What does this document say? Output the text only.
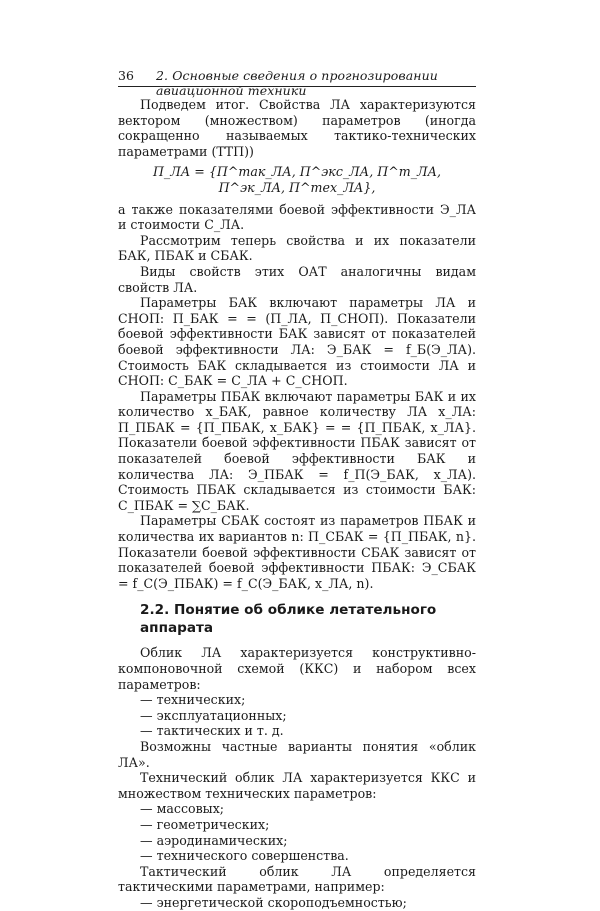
36 2. Основные сведения о прогнозировании авиационной техники

Подведем итог. Свойства ЛА характеризуются вектором (множеством) параметров (иногда сокращенно называемых тактико-технических параметрами (ТТП))

Π_ЛА = {Π^так_ЛА, Π^экс_ЛА, Π^т_ЛА, Π^эк_ЛА, Π^тех_ЛА},

а также показателями боевой эффективности Э_ЛА и стоимости С_ЛА.

Рассмотрим теперь свойства и их показатели БАК, ПБАК и СБАК.

Виды свойств этих ОАТ аналогичны видам свойств ЛА.

Параметры БАК включают параметры ЛА и СНОП: Π_БАК = = (Π_ЛА, Π_СНОП). Показатели боевой эффективности БАК зависят от показателей боевой эффективности ЛА: Э_БАК = f_Б(Э_ЛА). Стоимость БАК складывается из стоимости ЛА и СНОП: С_БАК = С_ЛА + С_СНОП.

Параметры ПБАК включают параметры БАК и их количество x_БАК, равное количеству ЛА x_ЛА: Π_ПБАК = {Π_ПБАК, x_БАК} = = {Π_ПБАК, x_ЛА}. Показатели боевой эффективности ПБАК зависят от показателей боевой эффективности БАК и количества ЛА: Э_ПБАК = f_П(Э_БАК, x_ЛА). Стоимость ПБАК складывается из стоимости БАК: С_ПБАК = ∑С_БАК.

Параметры СБАК состоят из параметров ПБАК и количества их вариантов n: Π_СБАК = {Π_ПБАК, n}. Показатели боевой эффективности СБАК зависят от показателей боевой эффективности ПБАК: Э_СБАК = f_С(Э_ПБАК) = f_С(Э_БАК, x_ЛА, n).

2.2. Понятие об облике летательного аппарата

Облик ЛА характеризуется конструктивно-компоновочной схемой (ККС) и набором всех параметров:

— технических;

— эксплуатационных;

— тактических и т. д.

Возможны частные варианты понятия «облик ЛА».

Технический облик ЛА характеризуется ККС и множеством технических параметров:

— массовых;

— геометрических;

— аэродинамических;

— технического совершенства.

Тактический облик ЛА определяется тактическими параметрами, например:

— энергетической скороподъемностью;
